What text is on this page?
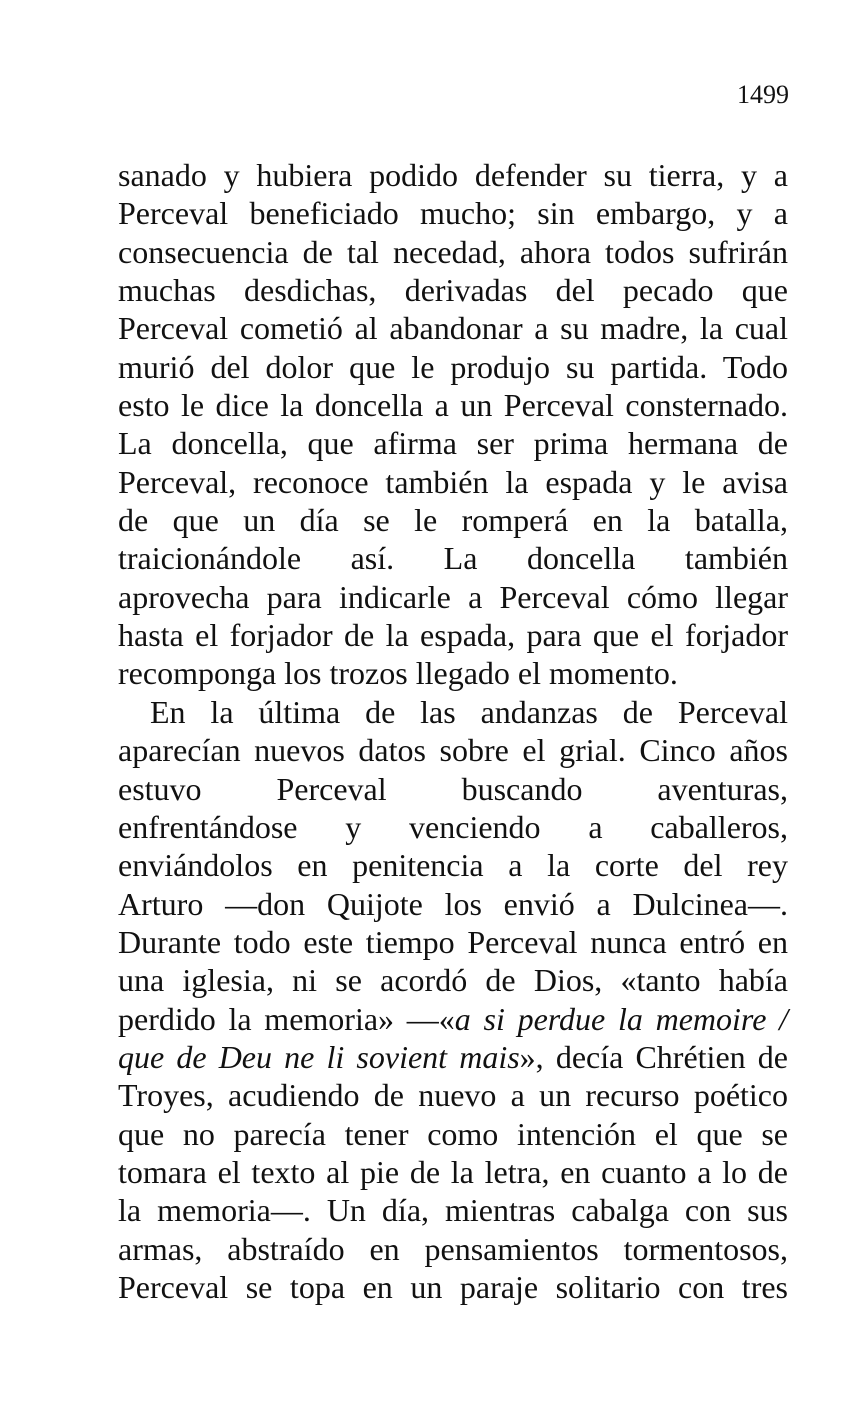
1499

sanado y hubiera podido defender su tierra, y a
Perceval beneficiado mucho; sin embargo, y a
consecuencia de tal necedad, ahora todos sufrirán
muchas desdichas, derivadas del pecado que
Perceval cometió al abandonar a su madre, la cual
murió del dolor que le produjo su partida. Todo
esto le dice la doncella a un Perceval consternado.
La doncella, que afirma ser prima hermana de
Perceval, reconoce también la espada y le avisa
de que un día se le romperá en la batalla,
traicionándole así. La doncella también
aprovecha para indicarle a Perceval cómo llegar
hasta el forjador de la espada, para que el forjador
recomponga los trozos llegado el momento.

En la última de las andanzas de Perceval
aparecían nuevos datos sobre el grial. Cinco años
estuvo Perceval buscando aventuras,
enfrentándose y venciendo a caballeros,
enviándolos en penitencia a la corte del rey
Arturo —don Quijote los envió a Dulcinea—.
Durante todo este tiempo Perceval nunca entró en
una iglesia, ni se acordó de Dios, «tanto había
perdido la memoria» —«a si perdue la memoire /
que de Deu ne li sovient mais», decía Chrétien de
Troyes, acudiendo de nuevo a un recurso poético
que no parecía tener como intención el que se
tomara el texto al pie de la letra, en cuanto a lo de
la memoria—. Un día, mientras cabalga con sus
armas, abstraído en pensamientos tormentosos,
Perceval se topa en un paraje solitario con tres
